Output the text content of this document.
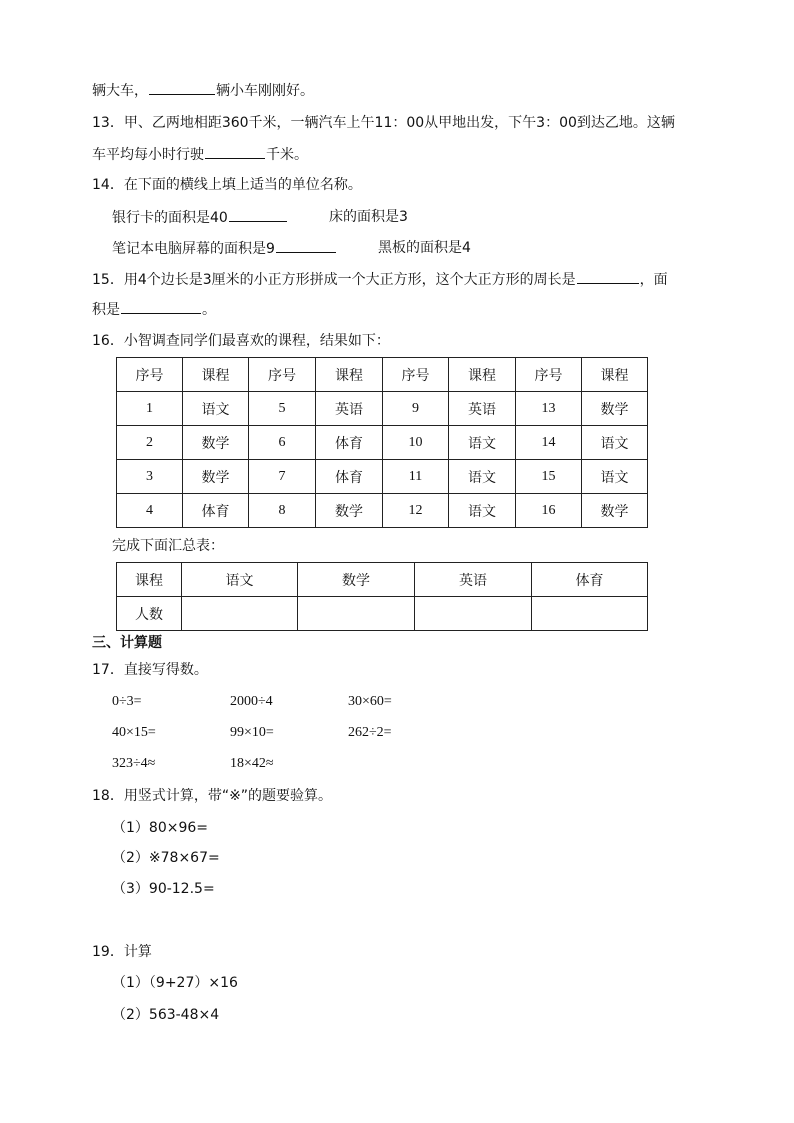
辆大车，	辆小车刚刚好。
13．甲、乙两地相距360千米，一辆汽车上午11：00从甲地出发，下午3：00到达乙地。这辆
车平均每小时行驶	千米。
14．在下面的横线上填上适当的单位名称。
银行卡的面积是40	床的面积是3
笔记本电脑屏幕的面积是9	黑板的面积是4
15．用4个边长是3厘米的小正方形拼成一个大正方形，这个大正方形的周长是	，面
积是	。
16．小智调查同学们最喜欢的课程，结果如下：
序号	课程	序号	课程	序号	课程	序号	课程
1	语文	5	英语	9	英语	13	数学
2	数学	6	体育	10	语文	14	语文
3	数学	7	体育	11	语文	15	语文
4	体育	8	数学	12	语文	16	数学
完成下面汇总表：
课程	语文	数学	英语	体育
人数				
三、计算题
17．直接写得数。
0÷3=	2000÷4	30×60=
40×15=	99×10=	262÷2=
323÷4≈	18×42≈
18．用竖式计算，带“※”的题要验算。
（1）80×96=
（2）※78×67=
（3）90-12.5=
19．计算
（1）（9+27）×16
（2）563-48×4
